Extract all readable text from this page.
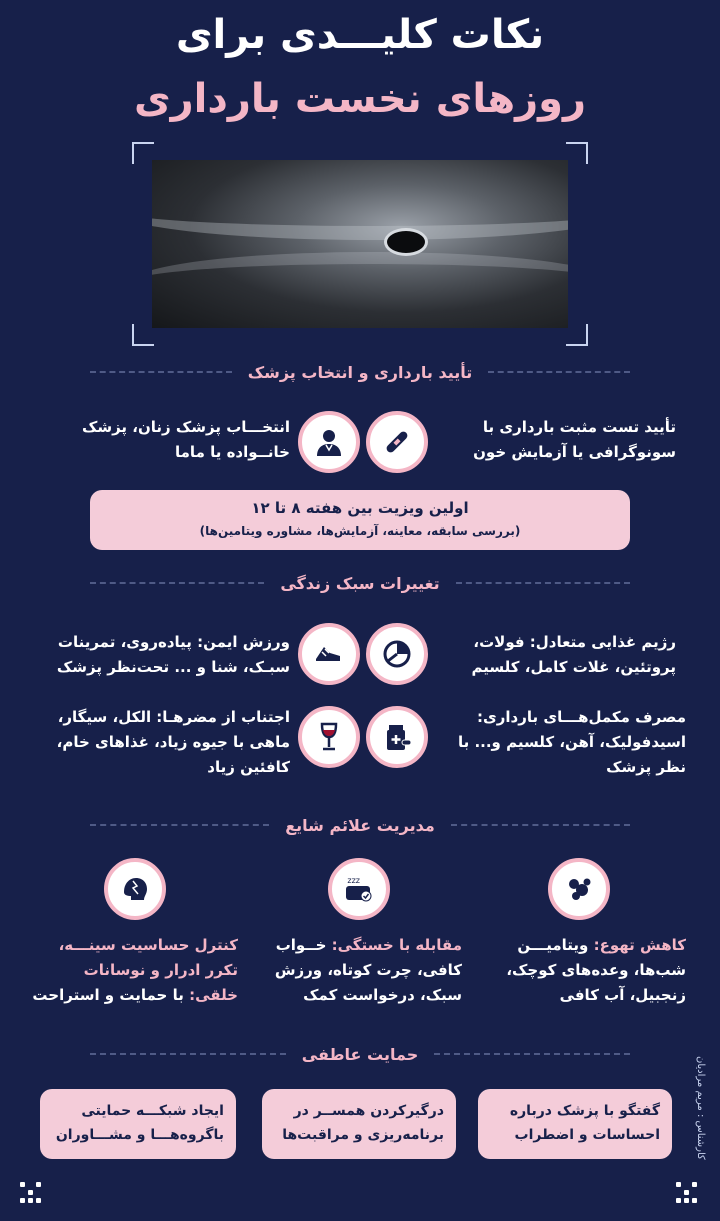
نکات کلیـــدی برای
روزهای نخست بارداری
تأیید بارداری و انتخاب پزشک
تأیید تست مثبت بارداری با سونوگرافی یا آزمایش خون
انتخـــاب پزشک زنان، پزشک خانــواده یا ماما
اولین ویزیت بین هفته ۸ تا ۱۲
(بررسی سابقه، معاینه، آزمایش‌ها، مشاوره ویتامین‌ها)
تغییرات سبک زندگی
رژیم غذایی متعادل: فولات، پروتئین، غلات کامل، کلسیم
ورزش ایمن: پیاده‌روی، تمرینات سبـک، شنا و ... تحت‌نظر پزشک
مصرف مکمل‌هـــای بارداری: اسیدفولیک، آهن، کلسیم و... با نظر پزشک
اجتناب از مضرهـا: الکل، سیگار، ماهی با جیوه زیاد، غذاهای خام، کافئین زیاد
مدیریت علائم شایع
کاهش تهوع: ویتامیـــن شب‌ها، وعده‌های کوچک، زنجبیل، آب کافی
zzz
مقابله با خستگی: خــواب کافی، چرت کوتاه، ورزش سبک، درخواست کمک
کنترل حساسیت سینـــه، تکرر ادرار و نوسانات خلقی: با حمایت و استراحت
حمایت عاطفی
گفتگو با پزشک درباره احساسات و اضطراب
درگیرکردن همســر در برنامه‌ریزی و مراقبت‌ها
ایجاد شبکـــه حمایتی باگروه‌هـــا و مشـــاوران	کارشناس : مریم مرادیان
